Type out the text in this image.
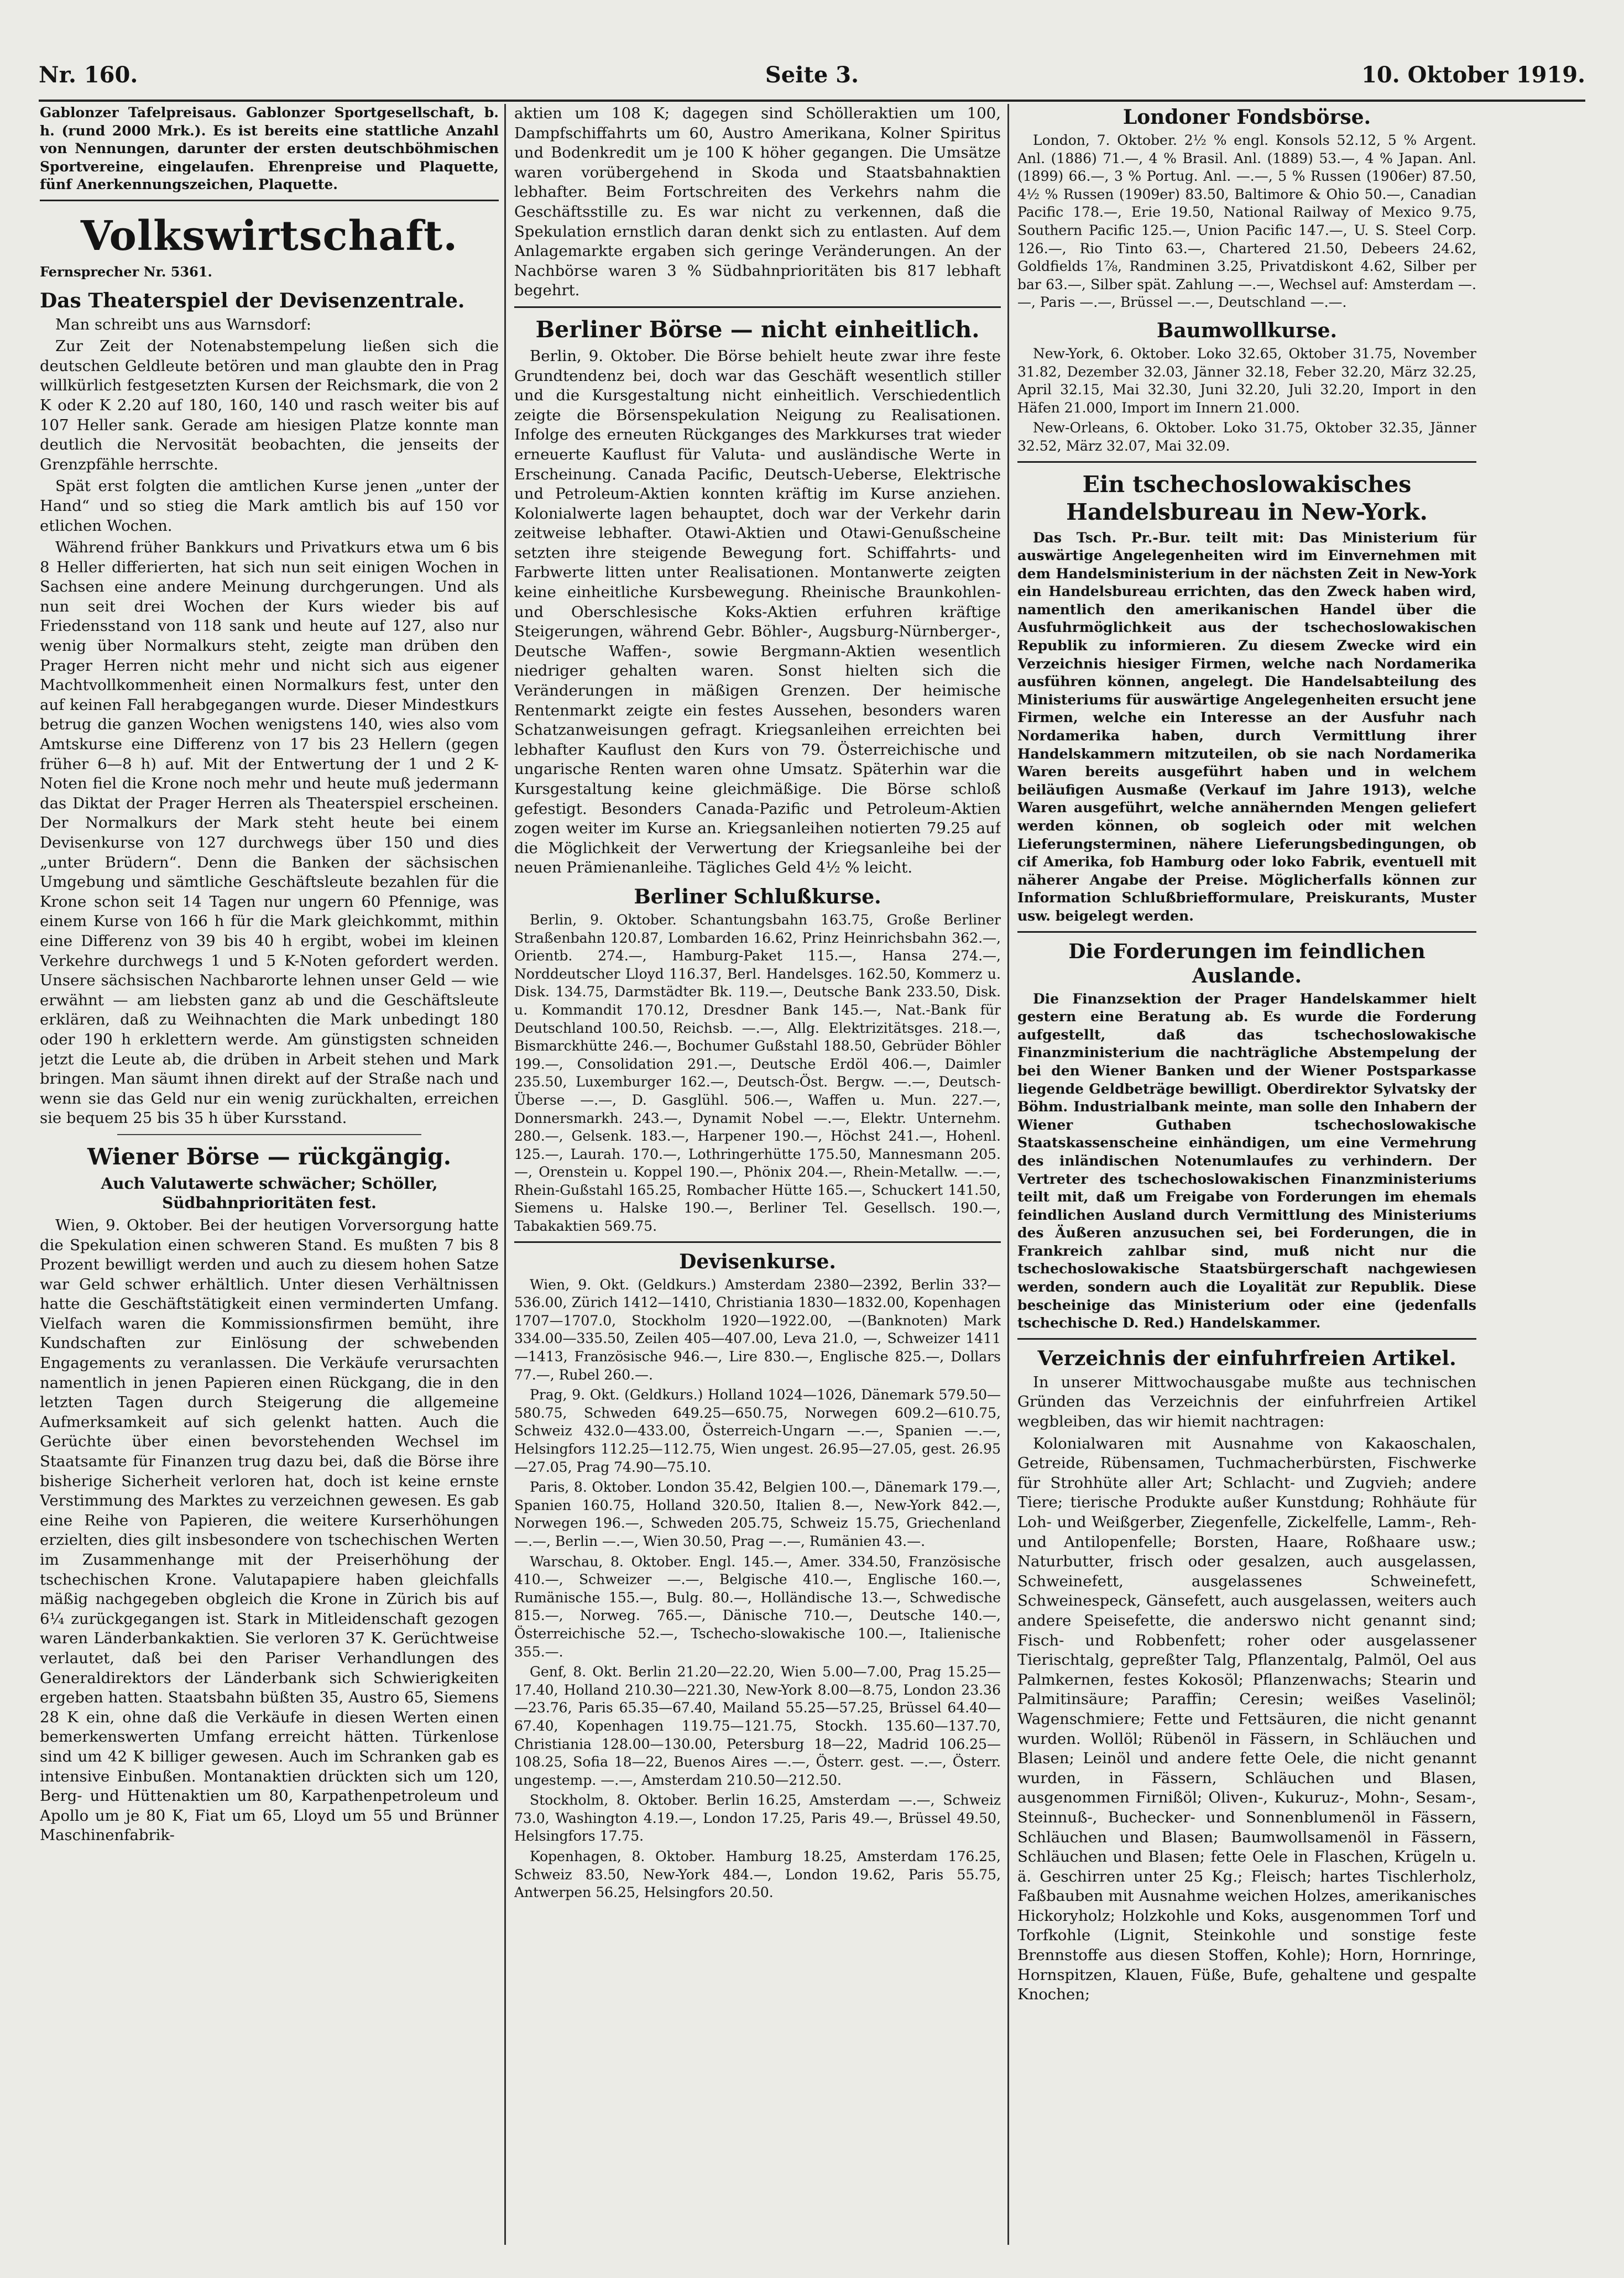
Nr. 160.	Seite 3.	10. Oktober 1919.

Gablonzer Tafelpreisaus. Gablonzer Sportgesellschaft, b. h. (rund 2000 Mrk.). Es ist bereits eine stattliche Anzahl von Nennungen, darunter der ersten deutschböhmischen Sportvereine, eingelaufen. Ehrenpreise und Plaquette, fünf Anerkennungszeichen, Plaquette.

Volkswirtschaft.
Fernsprecher Nr. 5361.
Das Theaterspiel der Devisenzentrale.

Man schreibt uns aus Warnsdorf:

Zur Zeit der Notenabstempelung ließen sich die deutschen Geldleute betören und man glaubte den in Prag willkürlich festgesetzten Kursen der Reichsmark, die von 2 K oder K 2.20 auf 180, 160, 140 und rasch weiter bis auf 107 Heller sank. Gerade am hiesigen Platze konnte man deutlich die Nervosität beobachten, die jenseits der Grenzpfähle herrschte.

Spät erst folgten die amtlichen Kurse jenen „unter der Hand“ und so stieg die Mark amtlich bis auf 150 vor etlichen Wochen.

Während früher Bankkurs und Privatkurs etwa um 6 bis 8 Heller differierten, hat sich nun seit einigen Wochen in Sachsen eine andere Meinung durchgerungen. Und als nun seit drei Wochen der Kurs wieder bis auf Friedensstand von 118 sank und heute auf 127, also nur wenig über Normalkurs steht, zeigte man drüben den Prager Herren nicht mehr und nicht sich aus eigener Machtvollkommenheit einen Normalkurs fest, unter den auf keinen Fall herabgegangen wurde. Dieser Mindestkurs betrug die ganzen Wochen wenigstens 140, wies also vom Amtskurse eine Differenz von 17 bis 23 Hellern (gegen früher 6—8 h) auf. Mit der Entwertung der 1 und 2 K-Noten fiel die Krone noch mehr und heute muß jedermann das Diktat der Prager Herren als Theaterspiel erscheinen. Der Normalkurs der Mark steht heute bei einem Devisenkurse von 127 durchwegs über 150 und dies „unter Brüdern“. Denn die Banken der sächsischen Umgebung und sämtliche Geschäftsleute bezahlen für die Krone schon seit 14 Tagen nur ungern 60 Pfennige, was einem Kurse von 166 h für die Mark gleichkommt, mithin eine Differenz von 39 bis 40 h ergibt, wobei im kleinen Verkehre durchwegs 1 und 5 K-Noten gefordert werden. Unsere sächsischen Nachbarorte lehnen unser Geld — wie erwähnt — am liebsten ganz ab und die Geschäftsleute erklären, daß zu Weihnachten die Mark unbedingt 180 oder 190 h erklettern werde. Am günstigsten schneiden jetzt die Leute ab, die drüben in Arbeit stehen und Mark bringen. Man säumt ihnen direkt auf der Straße nach und wenn sie das Geld nur ein wenig zurückhalten, erreichen sie bequem 25 bis 35 h über Kursstand.

Wiener Börse — rückgängig.
Auch Valutawerte schwächer; Schöller, Südbahnprioritäten fest.

Wien, 9. Oktober. Bei der heutigen Vorversorgung hatte die Spekulation einen schweren Stand. Es mußten 7 bis 8 Prozent bewilligt werden und auch zu diesem hohen Satze war Geld schwer erhältlich. Unter diesen Verhältnissen hatte die Geschäftstätigkeit einen verminderten Umfang. Vielfach waren die Kommissionsfirmen bemüht, ihre Kundschaften zur Einlösung der schwebenden Engagements zu veranlassen. Die Verkäufe verursachten namentlich in jenen Papieren einen Rückgang, die in den letzten Tagen durch Steigerung die allgemeine Aufmerksamkeit auf sich gelenkt hatten. Auch die Gerüchte über einen bevorstehenden Wechsel im Staatsamte für Finanzen trug dazu bei, daß die Börse ihre bisherige Sicherheit verloren hat, doch ist keine ernste Verstimmung des Marktes zu verzeichnen gewesen. Es gab eine Reihe von Papieren, die weitere Kurserhöhungen erzielten, dies gilt insbesondere von tschechischen Werten im Zusammenhange mit der Preiserhöhung der tschechischen Krone. Valutapapiere haben gleichfalls mäßig nachgegeben obgleich die Krone in Zürich bis auf 6¼ zurückgegangen ist. Stark in Mitleidenschaft gezogen waren Länderbankaktien. Sie verloren 37 K. Gerüchtweise verlautet, daß bei den Pariser Verhandlungen des Generaldirektors der Länderbank sich Schwierigkeiten ergeben hatten. Staatsbahn büßten 35, Austro 65, Siemens 28 K ein, ohne daß die Verkäufe in diesen Werten einen bemerkenswerten Umfang erreicht hätten. Türkenlose sind um 42 K billiger gewesen. Auch im Schranken gab es intensive Einbußen. Montanaktien drückten sich um 120, Berg- und Hüttenaktien um 80, Karpathenpetroleum und Apollo um je 80 K, Fiat um 65, Lloyd um 55 und Brünner Maschinenfabrik-

aktien um 108 K; dagegen sind Schölleraktien um 100, Dampfschiffahrts um 60, Austro Amerikana, Kolner Spiritus und Bodenkredit um je 100 K höher gegangen. Die Umsätze waren vorübergehend in Skoda und Staatsbahnaktien lebhafter. Beim Fortschreiten des Verkehrs nahm die Geschäftsstille zu. Es war nicht zu verkennen, daß die Spekulation ernstlich daran denkt sich zu entlasten. Auf dem Anlagemarkte ergaben sich geringe Veränderungen. An der Nachbörse waren 3 % Südbahnprioritäten bis 817 lebhaft begehrt.

Berliner Börse — nicht einheitlich.

Berlin, 9. Oktober. Die Börse behielt heute zwar ihre feste Grundtendenz bei, doch war das Geschäft wesentlich stiller und die Kursgestaltung nicht einheitlich. Verschiedentlich zeigte die Börsenspekulation Neigung zu Realisationen. Infolge des erneuten Rückganges des Markkurses trat wieder erneuerte Kauflust für Valuta- und ausländische Werte in Erscheinung. Canada Pacific, Deutsch-Ueberse, Elektrische und Petroleum-Aktien konnten kräftig im Kurse anziehen. Kolonialwerte lagen behauptet, doch war der Verkehr darin zeitweise lebhafter. Otawi-Aktien und Otawi-Genußscheine setzten ihre steigende Bewegung fort. Schiffahrts- und Farbwerte litten unter Realisationen. Montanwerte zeigten keine einheitliche Kursbewegung. Rheinische Braunkohlen- und Oberschlesische Koks-Aktien erfuhren kräftige Steigerungen, während Gebr. Böhler-, Augsburg-Nürnberger-, Deutsche Waffen-, sowie Bergmann-Aktien wesentlich niedriger gehalten waren. Sonst hielten sich die Veränderungen in mäßigen Grenzen. Der heimische Rentenmarkt zeigte ein festes Aussehen, besonders waren Schatzanweisungen gefragt. Kriegsanleihen erreichten bei lebhafter Kauflust den Kurs von 79. Österreichische und ungarische Renten waren ohne Umsatz. Späterhin war die Kursgestaltung keine gleichmäßige. Die Börse schloß gefestigt. Besonders Canada-Pazific und Petroleum-Aktien zogen weiter im Kurse an. Kriegsanleihen notierten 79.25 auf die Möglichkeit der Verwertung der Kriegsanleihe bei der neuen Prämienanleihe. Tägliches Geld 4½ % leicht.

Berliner Schlußkurse.

Berlin, 9. Oktober. Schantungsbahn 163.75, Große Berliner Straßenbahn 120.87, Lombarden 16.62, Prinz Heinrichsbahn 362.—, Orientb. 274.—, Hamburg-Paket 115.—, Hansa 274.—, Norddeutscher Lloyd 116.37, Berl. Handelsges. 162.50, Kommerz u. Disk. 134.75, Darmstädter Bk. 119.—, Deutsche Bank 233.50, Disk. u. Kommandit 170.12, Dresdner Bank 145.—, Nat.-Bank für Deutschland 100.50, Reichsb. —.—, Allg. Elektrizitätsges. 218.—, Bismarckhütte 246.—, Bochumer Gußstahl 188.50, Gebrüder Böhler 199.—, Consolidation 291.—, Deutsche Erdöl 406.—, Daimler 235.50, Luxemburger 162.—, Deutsch-Öst. Bergw. —.—, Deutsch-Überse —.—, D. Gasglühl. 506.—, Waffen u. Mun. 227.—, Donnersmarkh. 243.—, Dynamit Nobel —.—, Elektr. Unternehm. 280.—, Gelsenk. 183.—, Harpener 190.—, Höchst 241.—, Hohenl. 125.—, Laurah. 170.—, Lothringerhütte 175.50, Mannesmann 205.—, Orenstein u. Koppel 190.—, Phönix 204.—, Rhein-Metallw. —.—, Rhein-Gußstahl 165.25, Rombacher Hütte 165.—, Schuckert 141.50, Siemens u. Halske 190.—, Berliner Tel. Gesellsch. 190.—, Tabakaktien 569.75.

Devisenkurse.

Wien, 9. Okt. (Geldkurs.) Amsterdam 2380—2392, Berlin 33?—536.00, Zürich 1412—1410, Christiania 1830—1832.00, Kopenhagen 1707—1707.0, Stockholm 1920—1922.00, —(Banknoten) Mark 334.00—335.50, Zeilen 405—407.00, Leva 21.0, —, Schweizer 1411—1413, Französische 946.—, Lire 830.—, Englische 825.—, Dollars 77.—, Rubel 260.—.

Prag, 9. Okt. (Geldkurs.) Holland 1024—1026, Dänemark 579.50—580.75, Schweden 649.25—650.75, Norwegen 609.2—610.75, Schweiz 432.0—433.00, Österreich-Ungarn —.—, Spanien —.—, Helsingfors 112.25—112.75, Wien ungest. 26.95—27.05, gest. 26.95—27.05, Prag 74.90—75.10.

Paris, 8. Oktober. London 35.42, Belgien 100.—, Dänemark 179.—, Spanien 160.75, Holland 320.50, Italien 8.—, New-York 842.—, Norwegen 196.—, Schweden 205.75, Schweiz 15.75, Griechenland —.—, Berlin —.—, Wien 30.50, Prag —.—, Rumänien 43.—.

Warschau, 8. Oktober. Engl. 145.—, Amer. 334.50, Französische 410.—, Schweizer —.—, Belgische 410.—, Englische 160.—, Rumänische 155.—, Bulg. 80.—, Holländische 13.—, Schwedische 815.—, Norweg. 765.—, Dänische 710.—, Deutsche 140.—, Österreichische 52.—, Tschecho-slowakische 100.—, Italienische 355.—.

Genf, 8. Okt. Berlin 21.20—22.20, Wien 5.00—7.00, Prag 15.25—17.40, Holland 210.30—221.30, New-York 8.00—8.75, London 23.36—23.76, Paris 65.35—67.40, Mailand 55.25—57.25, Brüssel 64.40—67.40, Kopenhagen 119.75—121.75, Stockh. 135.60—137.70, Christiania 128.00—130.00, Petersburg 18—22, Madrid 106.25—108.25, Sofia 18—22, Buenos Aires —.—, Österr. gest. —.—, Österr. ungestemp. —.—, Amsterdam 210.50—212.50.

Stockholm, 8. Oktober. Berlin 16.25, Amsterdam —.—, Schweiz 73.0, Washington 4.19.—, London 17.25, Paris 49.—, Brüssel 49.50, Helsingfors 17.75.

Kopenhagen, 8. Oktober. Hamburg 18.25, Amsterdam 176.25, Schweiz 83.50, New-York 484.—, London 19.62, Paris 55.75, Antwerpen 56.25, Helsingfors 20.50.

Londoner Fondsbörse.

London, 7. Oktober. 2½ % engl. Konsols 52.12, 5 % Argent. Anl. (1886) 71.—, 4 % Brasil. Anl. (1889) 53.—, 4 % Japan. Anl. (1899) 66.—, 3 % Portug. Anl. —.—, 5 % Russen (1906er) 87.50, 4½ % Russen (1909er) 83.50, Baltimore & Ohio 50.—, Canadian Pacific 178.—, Erie 19.50, National Railway of Mexico 9.75, Southern Pacific 125.—, Union Pacific 147.—, U. S. Steel Corp. 126.—, Rio Tinto 63.—, Chartered 21.50, Debeers 24.62, Goldfields 1⅞, Randminen 3.25, Privatdiskont 4.62, Silber per bar 63.—, Silber spät. Zahlung —.—, Wechsel auf: Amsterdam —.—, Paris —.—, Brüssel —.—, Deutschland —.—.

Baumwollkurse.

New-York, 6. Oktober. Loko 32.65, Oktober 31.75, November 31.82, Dezember 32.03, Jänner 32.18, Feber 32.20, März 32.25, April 32.15, Mai 32.30, Juni 32.20, Juli 32.20, Import in den Häfen 21.000, Import im Innern 21.000.

New-Orleans, 6. Oktober. Loko 31.75, Oktober 32.35, Jänner 32.52, März 32.07, Mai 32.09.

Ein tschechoslowakisches Handelsbureau in New-York.

Das Tsch. Pr.-Bur. teilt mit: Das Ministerium für auswärtige Angelegenheiten wird im Einvernehmen mit dem Handelsministerium in der nächsten Zeit in New-York ein Handelsbureau errichten, das den Zweck haben wird, namentlich den amerikanischen Handel über die Ausfuhrmöglichkeit aus der tschechoslowakischen Republik zu informieren. Zu diesem Zwecke wird ein Verzeichnis hiesiger Firmen, welche nach Nordamerika ausführen können, angelegt. Die Handelsabteilung des Ministeriums für auswärtige Angelegenheiten ersucht jene Firmen, welche ein Interesse an der Ausfuhr nach Nordamerika haben, durch Vermittlung ihrer Handelskammern mitzuteilen, ob sie nach Nordamerika Waren bereits ausgeführt haben und in welchem beiläufigen Ausmaße (Verkauf im Jahre 1913), welche Waren ausgeführt, welche annähernden Mengen geliefert werden können, ob sogleich oder mit welchen Lieferungsterminen, nähere Lieferungsbedingungen, ob cif Amerika, fob Hamburg oder loko Fabrik, eventuell mit näherer Angabe der Preise. Möglicherfalls können zur Information Schlußbriefformulare, Preiskurants, Muster usw. beigelegt werden.

Die Forderungen im feindlichen Auslande.

Die Finanzsektion der Prager Handelskammer hielt gestern eine Beratung ab. Es wurde die Forderung aufgestellt, daß das tschechoslowakische Finanzministerium die nachträgliche Abstempelung der bei den Wiener Banken und der Wiener Postsparkasse liegende Geldbeträge bewilligt. Oberdirektor Sylvatsky der Böhm. Industrialbank meinte, man solle den Inhabern der Wiener Guthaben tschechoslowakische Staatskassenscheine einhändigen, um eine Vermehrung des inländischen Notenumlaufes zu verhindern. Der Vertreter des tschechoslowakischen Finanzministeriums teilt mit, daß um Freigabe von Forderungen im ehemals feindlichen Ausland durch Vermittlung des Ministeriums des Äußeren anzusuchen sei, bei Forderungen, die in Frankreich zahlbar sind, muß nicht nur die tschechoslowakische Staatsbürgerschaft nachgewiesen werden, sondern auch die Loyalität zur Republik. Diese bescheinige das Ministerium oder eine (jedenfalls tschechische D. Red.) Handelskammer.

Verzeichnis der einfuhrfreien Artikel.

In unserer Mittwochausgabe mußte aus technischen Gründen das Verzeichnis der einfuhrfreien Artikel wegbleiben, das wir hiemit nachtragen:

Kolonialwaren mit Ausnahme von Kakaoschalen, Getreide, Rübensamen, Tuchmacherbürsten, Fischwerke für Strohhüte aller Art; Schlacht- und Zugvieh; andere Tiere; tierische Produkte außer Kunstdung; Rohhäute für Loh- und Weißgerber, Ziegenfelle, Zickelfelle, Lamm-, Reh- und Antilopenfelle; Borsten, Haare, Roßhaare usw.; Naturbutter, frisch oder gesalzen, auch ausgelassen, Schweinefett, ausgelassenes Schweinefett, Schweinespeck, Gänsefett, auch ausgelassen, weiters auch andere Speisefette, die anderswo nicht genannt sind; Fisch- und Robbenfett; roher oder ausgelassener Tierischtalg, gepreßter Talg, Pflanzentalg, Palmöl, Oel aus Palmkernen, festes Kokosöl; Pflanzenwachs; Stearin und Palmitinsäure; Paraffin; Ceresin; weißes Vaselinöl; Wagenschmiere; Fette und Fettsäuren, die nicht genannt wurden. Wollöl; Rübenöl in Fässern, in Schläuchen und Blasen; Leinöl und andere fette Oele, die nicht genannt wurden, in Fässern, Schläuchen und Blasen, ausgenommen Firnißöl; Oliven-, Kukuruz-, Mohn-, Sesam-, Steinnuß-, Buchecker- und Sonnenblumenöl in Fässern, Schläuchen und Blasen; Baumwollsamenöl in Fässern, Schläuchen und Blasen; fette Oele in Flaschen, Krügeln u. ä. Geschirren unter 25 Kg.; Fleisch; hartes Tischlerholz, Faßbauben mit Ausnahme weichen Holzes, amerikanisches Hickoryholz; Holzkohle und Koks, ausgenommen Torf und Torfkohle (Lignit, Steinkohle und sonstige feste Brennstoffe aus diesen Stoffen, Kohle); Horn, Hornringe, Hornspitzen, Klauen, Füße, Bufe, gehaltene und gespalte Knochen;
